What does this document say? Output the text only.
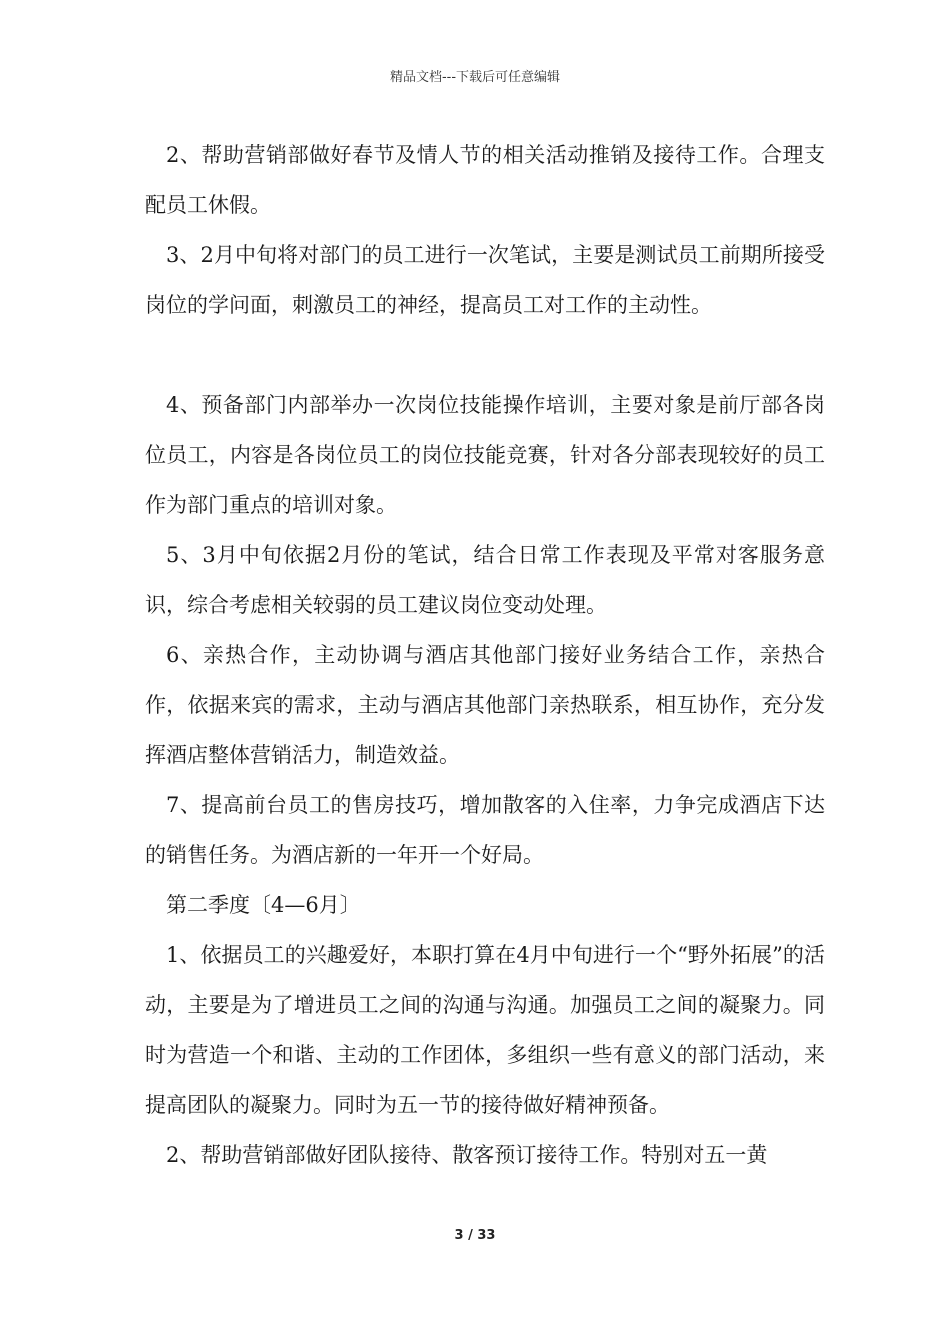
精品文档---下载后可任意编辑

2、帮助营销部做好春节及情人节的相关活动推销及接待工作。合理支配员工休假。

3、2月中旬将对部门的员工进行一次笔试，主要是测试员工前期所接受岗位的学问面，刺激员工的神经，提高员工对工作的主动性。

4、预备部门内部举办一次岗位技能操作培训，主要对象是前厅部各岗位员工，内容是各岗位员工的岗位技能竞赛，针对各分部表现较好的员工作为部门重点的培训对象。

5、3月中旬依据2月份的笔试，结合日常工作表现及平常对客服务意识，综合考虑相关较弱的员工建议岗位变动处理。

6、亲热合作，主动协调与酒店其他部门接好业务结合工作，亲热合作，依据来宾的需求，主动与酒店其他部门亲热联系，相互协作，充分发挥酒店整体营销活力，制造效益。

7、提高前台员工的售房技巧，增加散客的入住率，力争完成酒店下达的销售任务。为酒店新的一年开一个好局。

第二季度〔4—6月〕

1、依据员工的兴趣爱好，本职打算在4月中旬进行一个“野外拓展”的活动，主要是为了增进员工之间的沟通与沟通。加强员工之间的凝聚力。同时为营造一个和谐、主动的工作团体，多组织一些有意义的部门活动，来提高团队的凝聚力。同时为五一节的接待做好精神预备。

2、帮助营销部做好团队接待、散客预订接待工作。特别对五一黄

3 / 33
